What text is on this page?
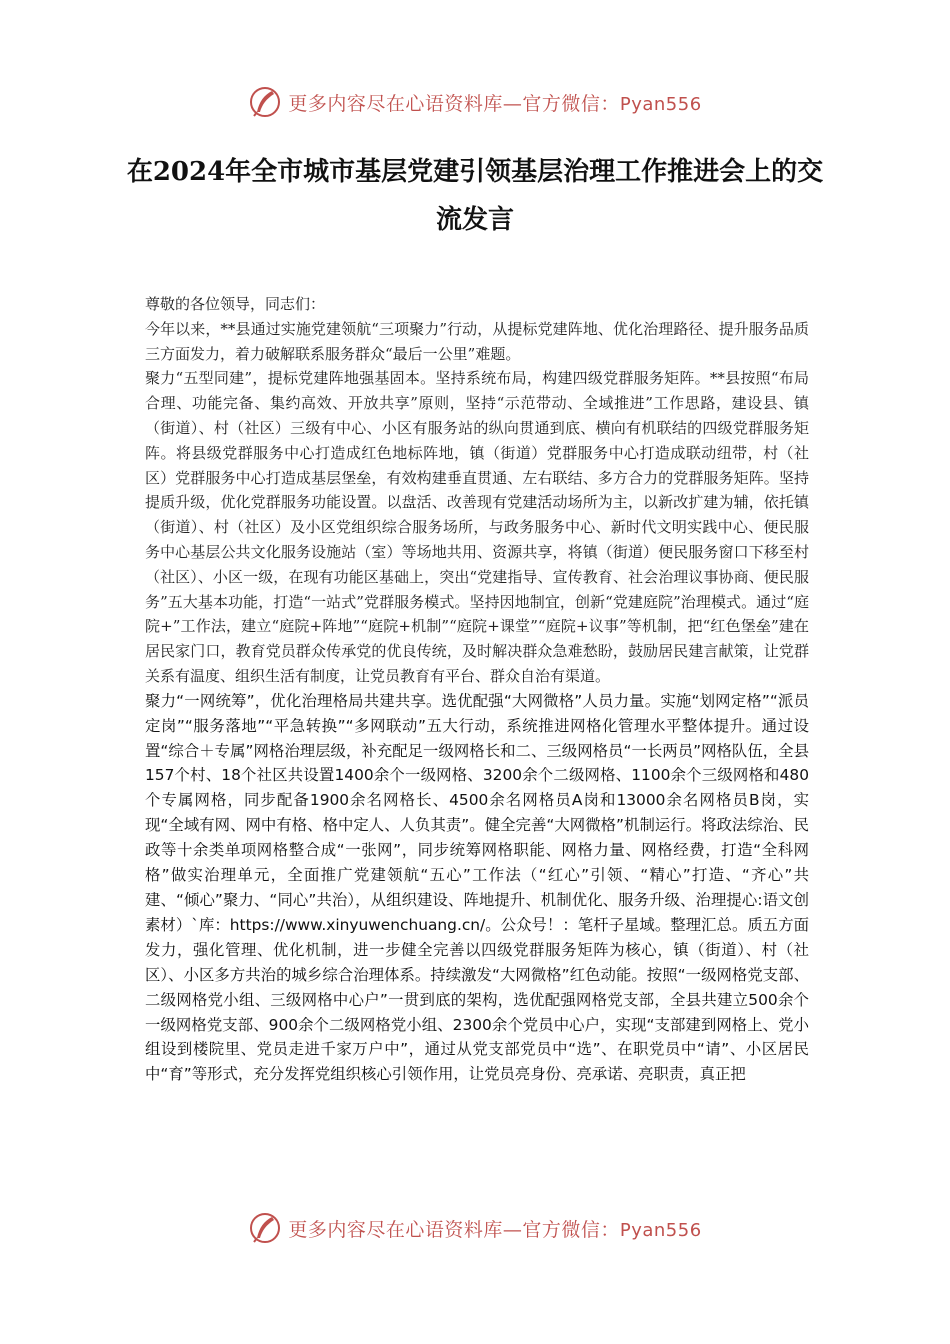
更多内容尽在心语资料库—官方微信：Pyan556
在2024年全市城市基层党建引领基层治理工作推进会上的交流发言

尊敬的各位领导，同志们：

今年以来，**县通过实施党建领航“三项聚力”行动，从提标党建阵地、优化治理路径、提升服务品质三方面发力，着力破解联系服务群众“最后一公里”难题。

聚力“五型同建”，提标党建阵地强基固本。坚持系统布局，构建四级党群服务矩阵。**县按照“布局合理、功能完备、集约高效、开放共享”原则，坚持“示范带动、全域推进”工作思路，建设县、镇（街道）、村（社区）三级有中心、小区有服务站的纵向贯通到底、横向有机联结的四级党群服务矩阵。将县级党群服务中心打造成红色地标阵地，镇（街道）党群服务中心打造成联动纽带，村（社区）党群服务中心打造成基层堡垒，有效构建垂直贯通、左右联结、多方合力的党群服务矩阵。坚持提质升级，优化党群服务功能设置。以盘活、改善现有党建活动场所为主，以新改扩建为辅，依托镇（街道）、村（社区）及小区党组织综合服务场所，与政务服务中心、新时代文明实践中心、便民服务中心基层公共文化服务设施站（室）等场地共用、资源共享，将镇（街道）便民服务窗口下移至村（社区）、小区一级，在现有功能区基础上，突出“党建指导、宣传教育、社会治理议事协商、便民服务”五大基本功能，打造“一站式”党群服务模式。坚持因地制宜，创新“党建庭院”治理模式。通过“庭院+”工作法，建立“庭院+阵地”“庭院+机制”“庭院+课堂”“庭院+议事”等机制，把“红色堡垒”建在居民家门口，教育党员群众传承党的优良传统，及时解决群众急难愁盼，鼓励居民建言献策，让党群关系有温度、组织生活有制度，让党员教育有平台、群众自治有渠道。

聚力“一网统筹”，优化治理格局共建共享。选优配强“大网微格”人员力量。实施“划网定格”“派员定岗”“服务落地”“平急转换”“多网联动”五大行动，系统推进网格化管理水平整体提升。通过设置“综合＋专属”网格治理层级，补充配足一级网格长和二、三级网格员“一长两员”网格队伍，全县157个村、18个社区共设置1400余个一级网格、3200余个二级网格、1100余个三级网格和480个专属网格，同步配备1900余名网格长、4500余名网格员A岗和13000余名网格员B岗，实现“全域有网、网中有格、格中定人、人负其责”。健全完善“大网微格”机制运行。将政法综治、民政等十余类单项网格整合成“一张网”，同步统筹网格职能、网格力量、网格经费，打造“全科网格”做实治理单元，全面推广党建领航“五心”工作法（“红心”引领、“精心”打造、“齐心”共建、“倾心”聚力、“同心”共治），从组织建设、阵地提升、机制优化、服务升级、治理提心:语文创素材）`库：https://www.xinyuwenchuang.cn/。公众号！：笔杆子星域。整理汇总。质五方面发力，强化管理、优化机制，进一步健全完善以四级党群服务矩阵为核心，镇（街道）、村（社区）、小区多方共治的城乡综合治理体系。持续激发“大网微格”红色动能。按照“一级网格党支部、二级网格党小组、三级网格中心户”一贯到底的架构，选优配强网格党支部，全县共建立500余个一级网格党支部、900余个二级网格党小组、2300余个党员中心户，实现“支部建到网格上、党小组设到楼院里、党员走进千家万户中”，通过从党支部党员中“选”、在职党员中“请”、小区居民中“育”等形式，充分发挥党组织核心引领作用，让党员亮身份、亮承诺、亮职责，真正把

更多内容尽在心语资料库—官方微信：Pyan556
